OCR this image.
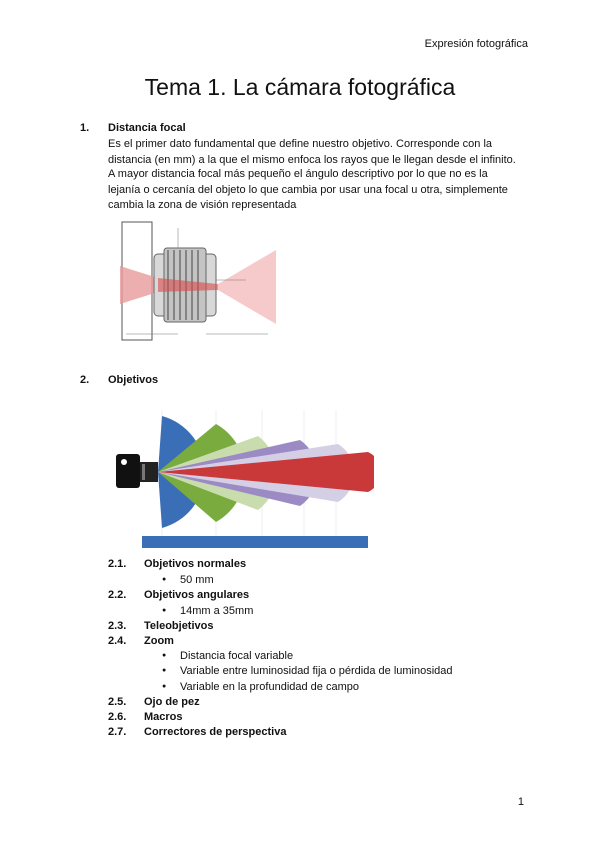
Expresión fotográfica
Tema 1. La cámara fotográfica
1. Distancia focal
Es el primer dato fundamental que define nuestro objetivo. Corresponde con la
distancia (en mm) a la que el mismo enfoca los rayos que le llegan desde el infinito.
A mayor distancia focal más pequeño el ángulo descriptivo por lo que no es la
lejanía o cercanía del objeto lo que cambia por usar una focal u otra, simplemente
cambia la zona de visión representada
2. Objetivos
2.1. Objetivos normales
● 50 mm
2.2. Objetivos angulares
● 14mm a 35mm
2.3. Teleobjetivos
2.4. Zoom
● Distancia focal variable
● Variable entre luminosidad fija o pérdida de luminosidad
● Variable en la profundidad de campo
2.5. Ojo de pez
2.6. Macros
2.7. Correctores de perspectiva
1
